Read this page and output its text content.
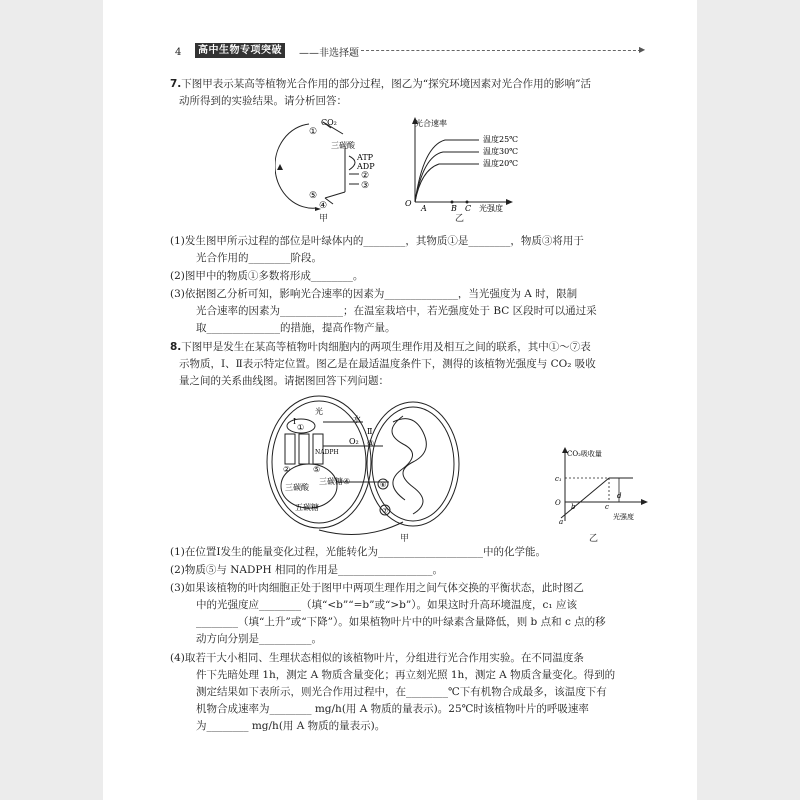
4	高中生物专项突破	——非选择题	▶
7.下图甲表示某高等植物光合作用的部分过程，图乙为“探究环境因素对光合作用的影响”活
动所得到的实验结果。请分析回答：
CO₂
①
三碳酸
ATP
ADP
②
③
⑤
④
甲
光合速率
温度25℃
温度30℃
温度20℃
O
A	B C 光强度
乙
(1)发生图甲所示过程的部位是叶绿体内的________，其物质①是________，物质③将用于
光合作用的________阶段。
(2)图甲中的物质①多数将形成________。
(3)依据图乙分析可知，影响光合速率的因素为______________，当光强度为 A 时，限制
光合速率的因素为____________；在温室栽培中，若光强度处于 BC 区段时可以通过采
取______________的措施，提高作物产量。
8.下图甲是发生在某高等植物叶肉细胞内的两项生理作用及相互之间的联系，其中①～⑦表
示物质，Ⅰ、Ⅱ表示特定位置。图乙是在最适温度条件下，测得的该植物光强度与 CO₂ 吸收
量之间的关系曲线图。请据图回答下列问题：
光
Ⅰ
①
水
Ⅱ
O₂ ③
NADPH
②	⑤
三碳酸
三碳糖 ④
五碳糖
⑥
⑦
甲
CO₂吸收量
c₁
O b	c
d
a
光强度
乙
(1)在位置Ⅰ发生的能量变化过程，光能转化为____________________中的化学能。
(2)物质⑤与 NADPH 相同的作用是__________________。
(3)如果该植物的叶肉细胞正处于图甲中两项生理作用之间气体交换的平衡状态，此时图乙
中的光强度应________（填“<b”“=b”或“>b”）。如果这时升高环境温度，c₁ 应该
________（填“上升”或“下降”）。如果植物叶片中的叶绿素含量降低，则 b 点和 c 点的移
动方向分别是__________。
(4)取若干大小相同、生理状态相似的该植物叶片，分组进行光合作用实验。在不同温度条
件下先暗处理 1h，测定 A 物质含量变化；再立刻光照 1h，测定 A 物质含量变化。得到的
测定结果如下表所示，则光合作用过程中，在________℃下有机物合成最多，该温度下有
机物合成速率为________ mg/h(用 A 物质的量表示)。25℃时该植物叶片的呼吸速率
为________ mg/h(用 A 物质的量表示)。
